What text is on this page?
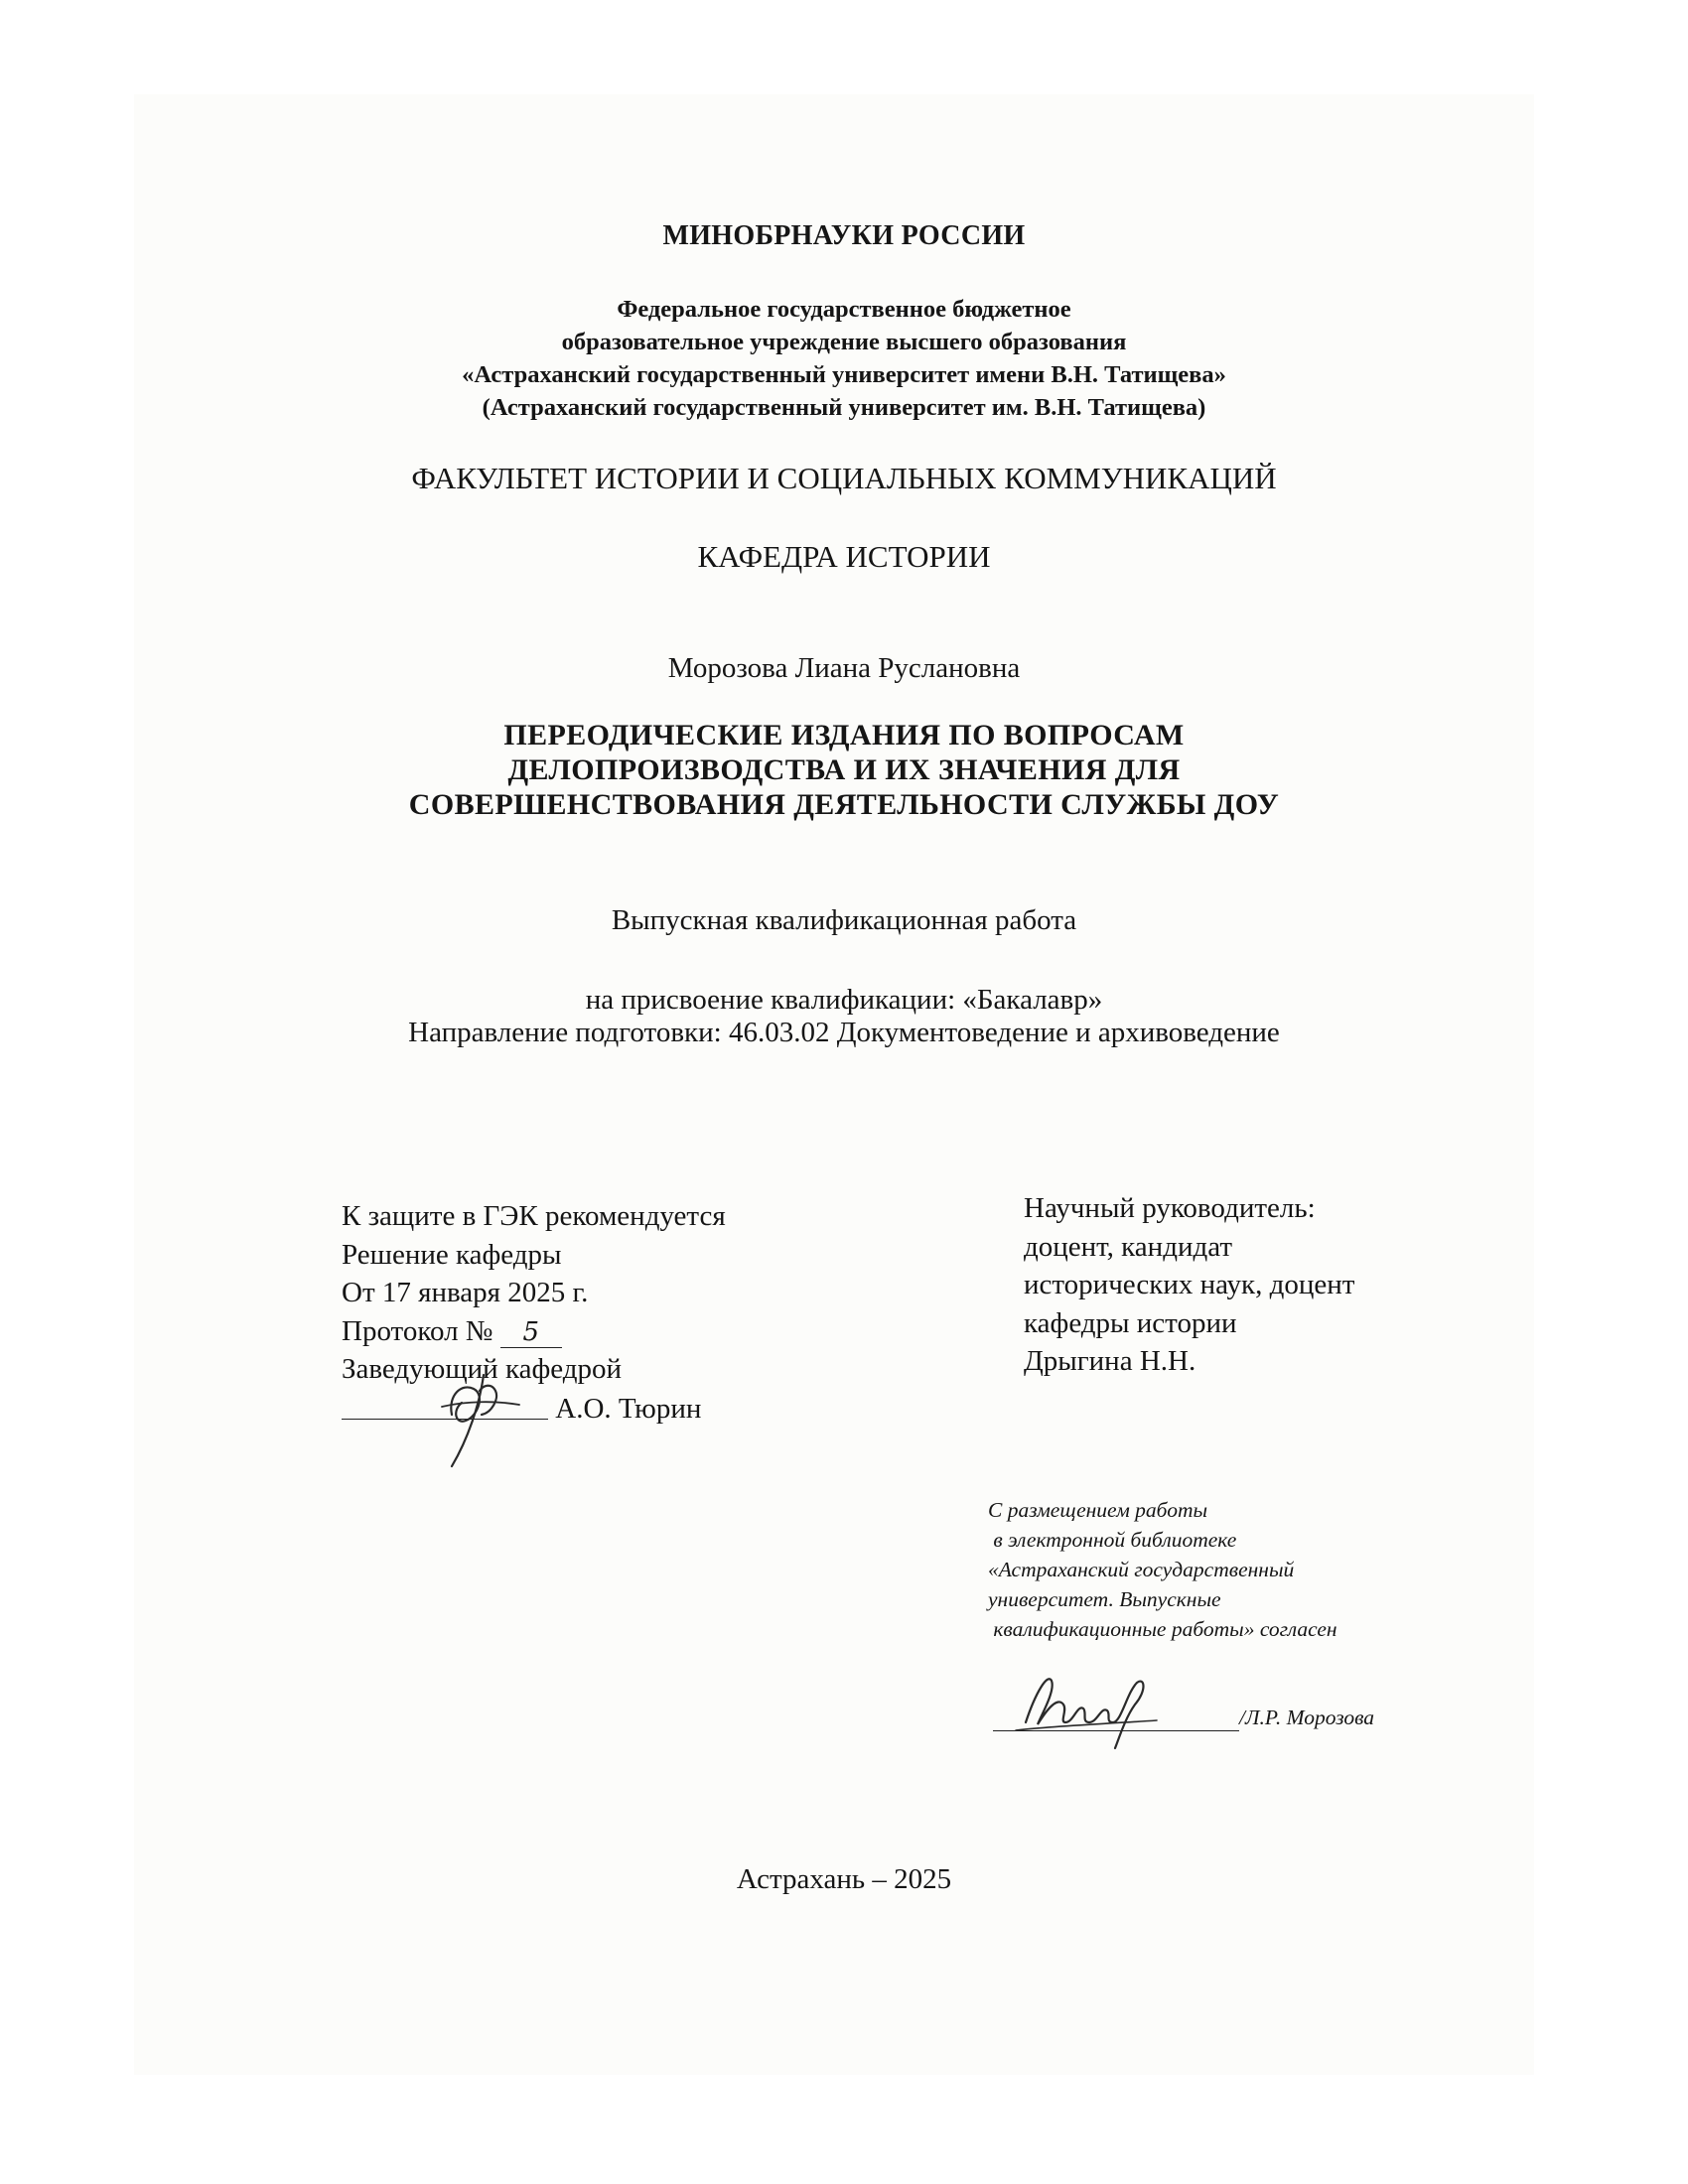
МИНОБРНАУКИ РОССИИ
Федеральное государственное бюджетное
образовательное учреждение высшего образования
«Астраханский государственный университет имени В.Н. Татищева»
(Астраханский государственный университет им. В.Н. Татищева)
ФАКУЛЬТЕТ ИСТОРИИ И СОЦИАЛЬНЫХ КОММУНИКАЦИЙ
КАФЕДРА ИСТОРИИ
Морозова Лиана Руслановна
ПЕРЕОДИЧЕСКИЕ ИЗДАНИЯ ПО ВОПРОСАМ
ДЕЛОПРОИЗВОДСТВА И ИХ ЗНАЧЕНИЯ ДЛЯ
СОВЕРШЕНСТВОВАНИЯ ДЕЯТЕЛЬНОСТИ СЛУЖБЫ ДОУ
Выпускная квалификационная работа
на присвоение квалификации: «Бакалавр»
Направление подготовки: 46.03.02 Документоведение и архивоведение
К защите в ГЭК рекомендуется
Решение кафедры
От 17 января 2025 г.
Протокол № 5
Заведующий кафедрой
А.О. Тюрин
Научный руководитель:
доцент, кандидат
исторических наук, доцент
кафедры истории
Дрыгина Н.Н.
С размещением работы
в электронной библиотеке
«Астраханский государственный
университет. Выпускные
квалификационные работы» согласен
/Л.Р. Морозова
Астрахань – 2025
